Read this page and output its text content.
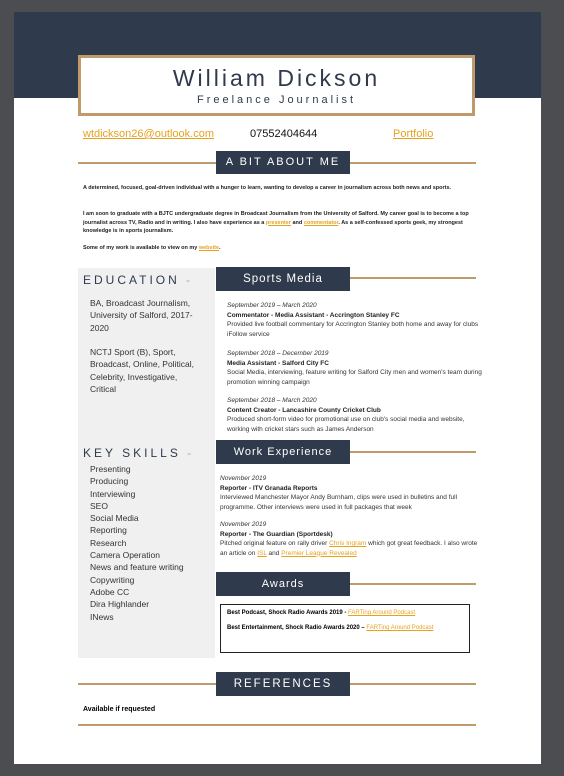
William Dickson
Freelance Journalist
wtdickson26@outlook.com	07552404644	Portfolio
A BIT ABOUT ME
A determined, focused, goal-driven individual with a hunger to learn, wanting to develop a career in journalism across both news and sports.
I am soon to graduate with a BJTC undergraduate degree in Broadcast Journalism from the University of Salford. My career goal is to become a top journalist across TV, Radio and in writing. I also have experience as a presenter and commentator. As a self-confessed sports geek, my strongest knowledge is in sports journalism.
Some of my work is available to view on my website.
EDUCATION -
BA, Broadcast Journalism, University of Salford, 2017-2020
NCTJ Sport (B), Sport, Broadcast, Online, Political, Celebrity, Investigative, Critical
KEY SKILLS -
Presenting
Producing
Interviewing
SEO
Social Media
Reporting
Research
Camera Operation
News and feature writing
Copywriting
Adobe CC
Dira Highlander
INews
Sports Media
September 2019 – March 2020
Commentator - Media Assistant - Accrington Stanley FC
Provided live football commentary for Accrington Stanley both home and away for clubs iFollow service
September 2018 – December 2019
Media Assistant - Salford City FC
Social Media, interviewing, feature writing for Salford City men and women's team during promotion winning campaign
September 2018 – March 2020
Content Creator - Lancashire County Cricket Club
Produced short-form video for promotional use on club's social media and website, working with cricket stars such as James Anderson
Work Experience
November 2019
Reporter - ITV Granada Reports
Interviewed Manchester Mayor Andy Burnham, clips were used in bulletins and full programme. Other interviews were used in full packages that week
November 2019
Reporter - The Guardian (Sportdesk)
Pitched original feature on rally driver Chris Ingram which got great feedback. I also wrote an article on ISL and Premier League Revealed
Awards
Best Podcast, Shock Radio Awards 2019 - FARTing Around Podcast
Best Entertainment, Shock Radio Awards 2020 – FARTing Around Podcast
REFERENCES
Available if requested
